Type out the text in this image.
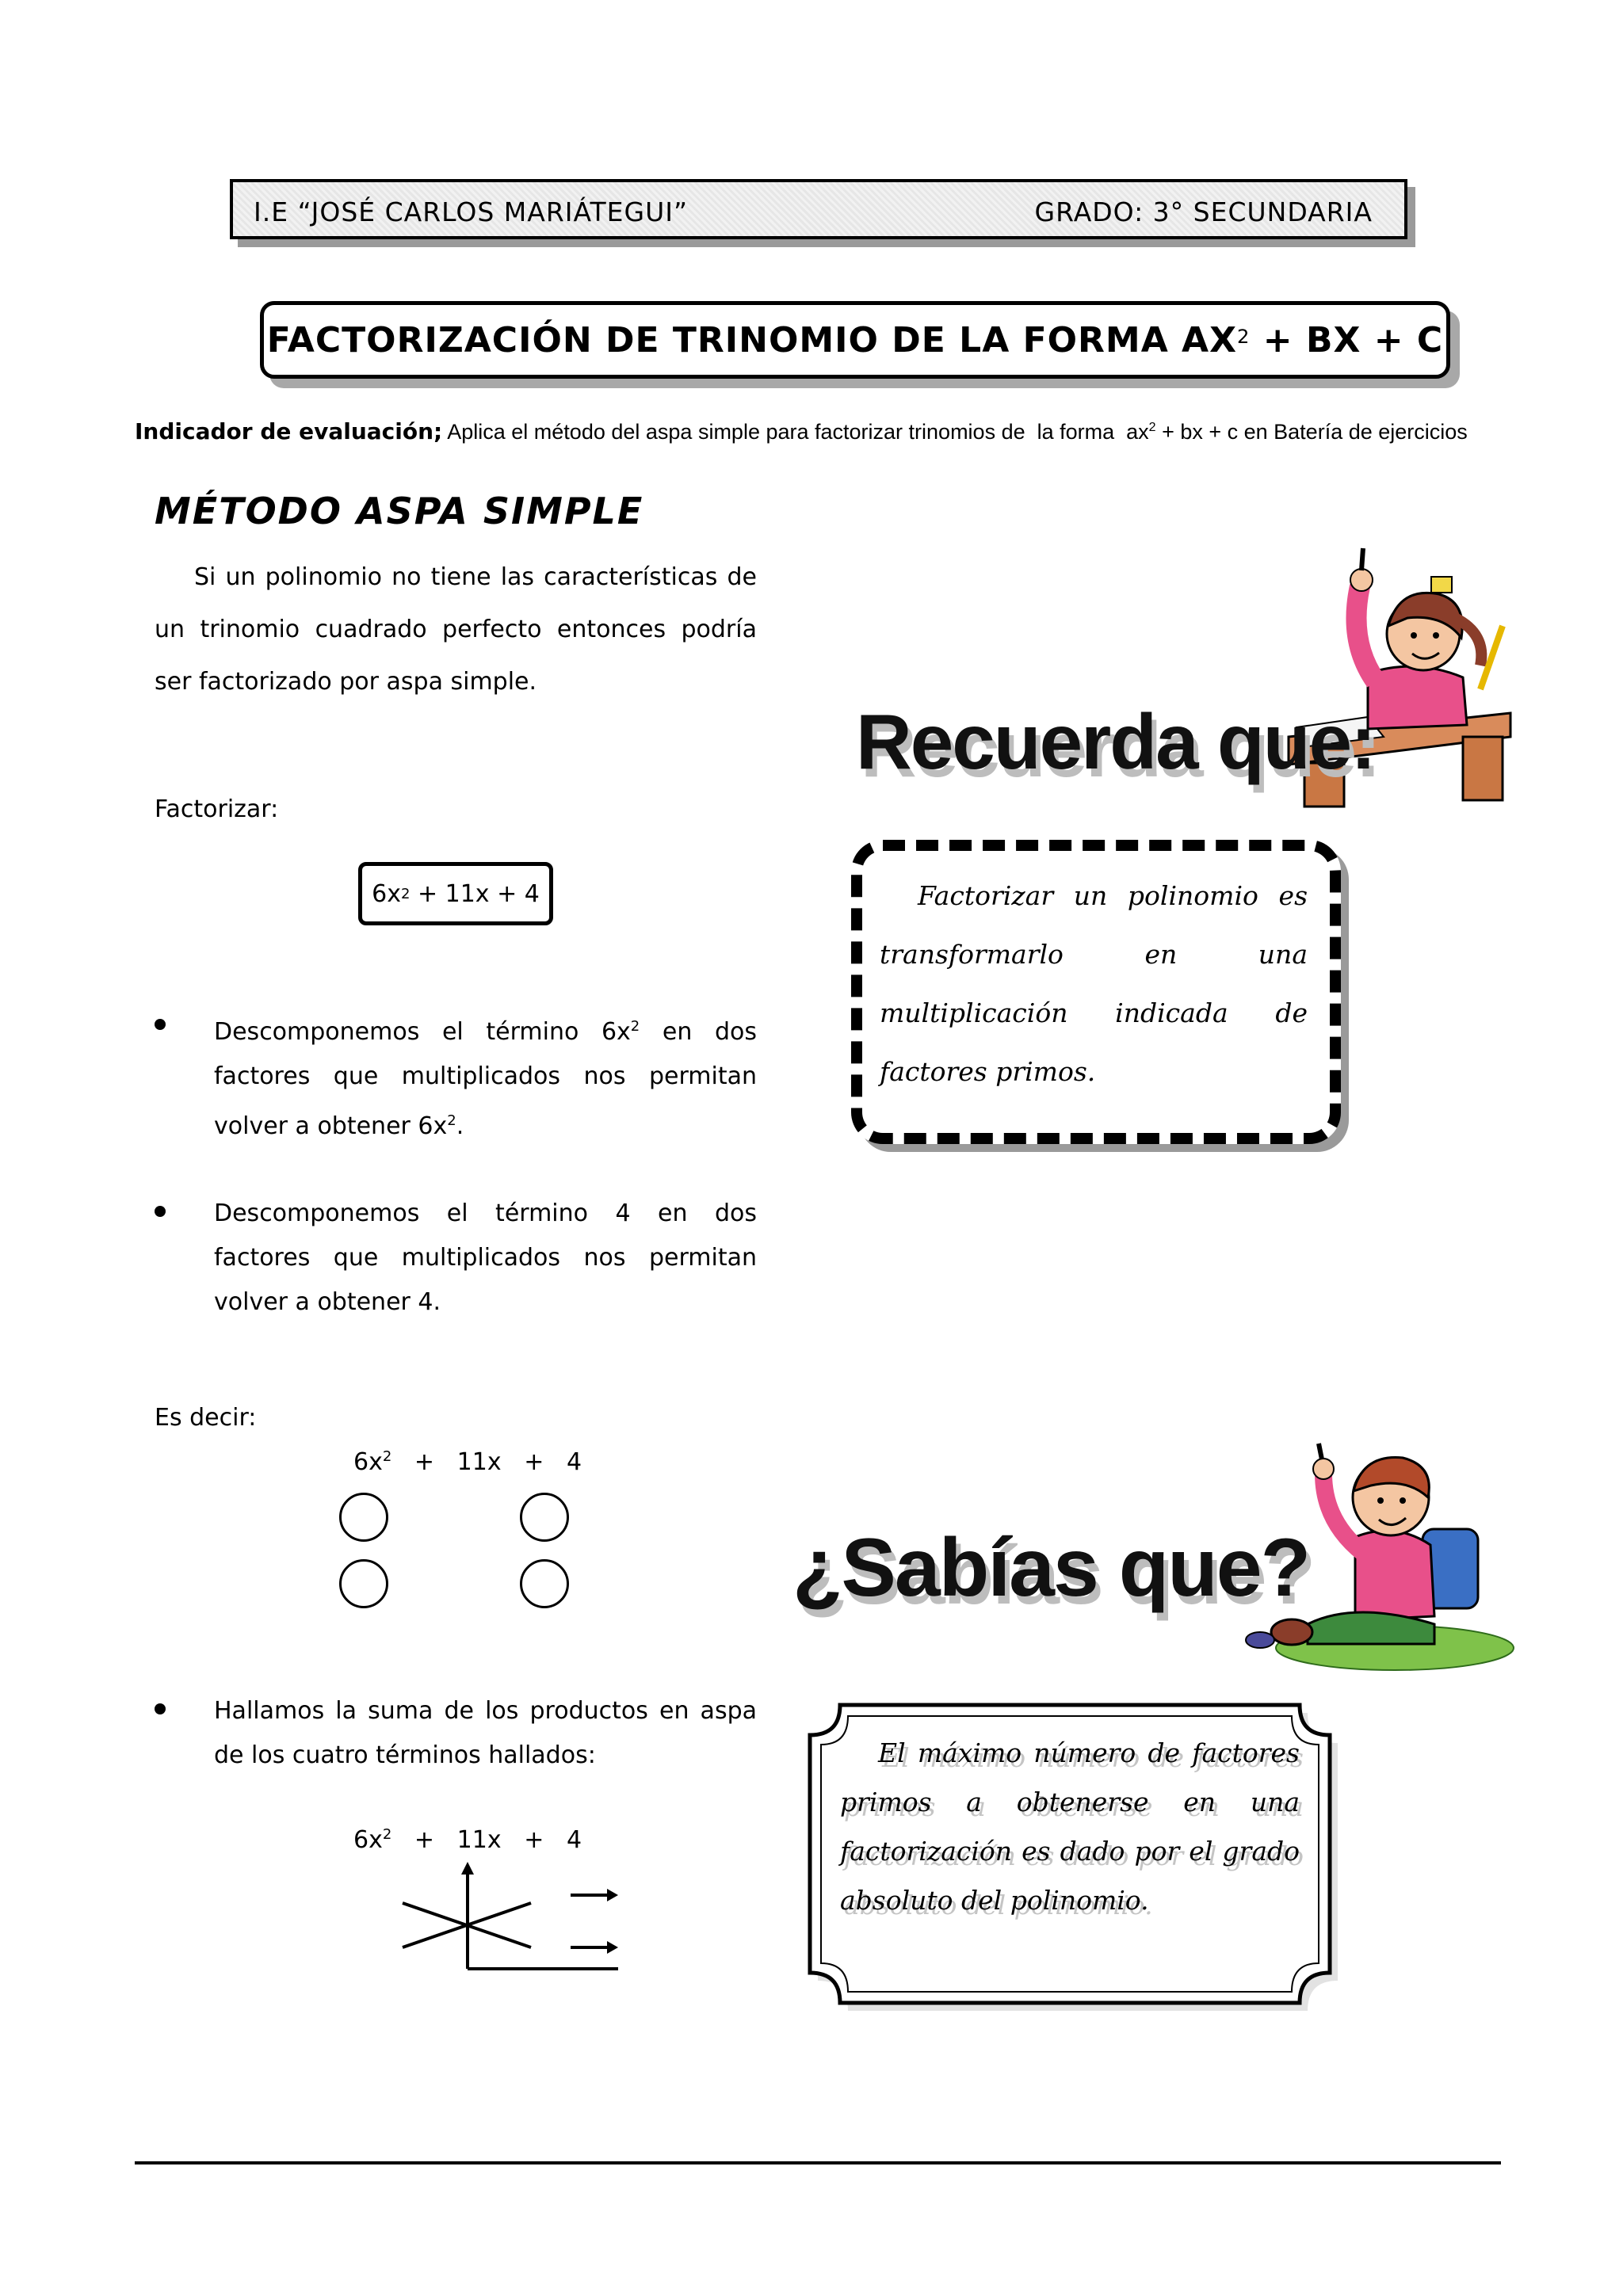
I.E “JOSÉ CARLOS MARIÁTEGUI”	GRADO: 3° SECUNDARIA
FACTORIZACIÓN DE TRINOMIO DE LA FORMA $AX^2$ + BX + C
Indicador de evaluación; Aplica el método del aspa simple para factorizar trinomios de  la forma  $ax^2$ + bx + c en Batería de ejercicios
MÉTODO ASPA SIMPLE
Si un polinomio no tiene las características de un trinomio cuadrado perfecto entonces podría ser factorizado por aspa simple.
Factorizar:
6x 2 + 11x + 4
Descomponemos el término $6x^2$ en dos factores que multiplicados nos permitan volver a obtener $6x^2$.
Descomponemos el término 4 en dos factores que multiplicados nos permitan volver a obtener 4.
Es decir:
$6x^2 + 11x + 4$
Hallamos la suma de los productos en aspa de los cuatro términos hallados:
$6x^2 + 11x + 4$
Recuerda que:
Factorizar un polinomio es transformarlo en una multiplicación indicada de factores primos.
¿Sabías que?
El máximo número de factores primos a obtenerse en una factorización es dado por el grado absoluto del polinomio.
